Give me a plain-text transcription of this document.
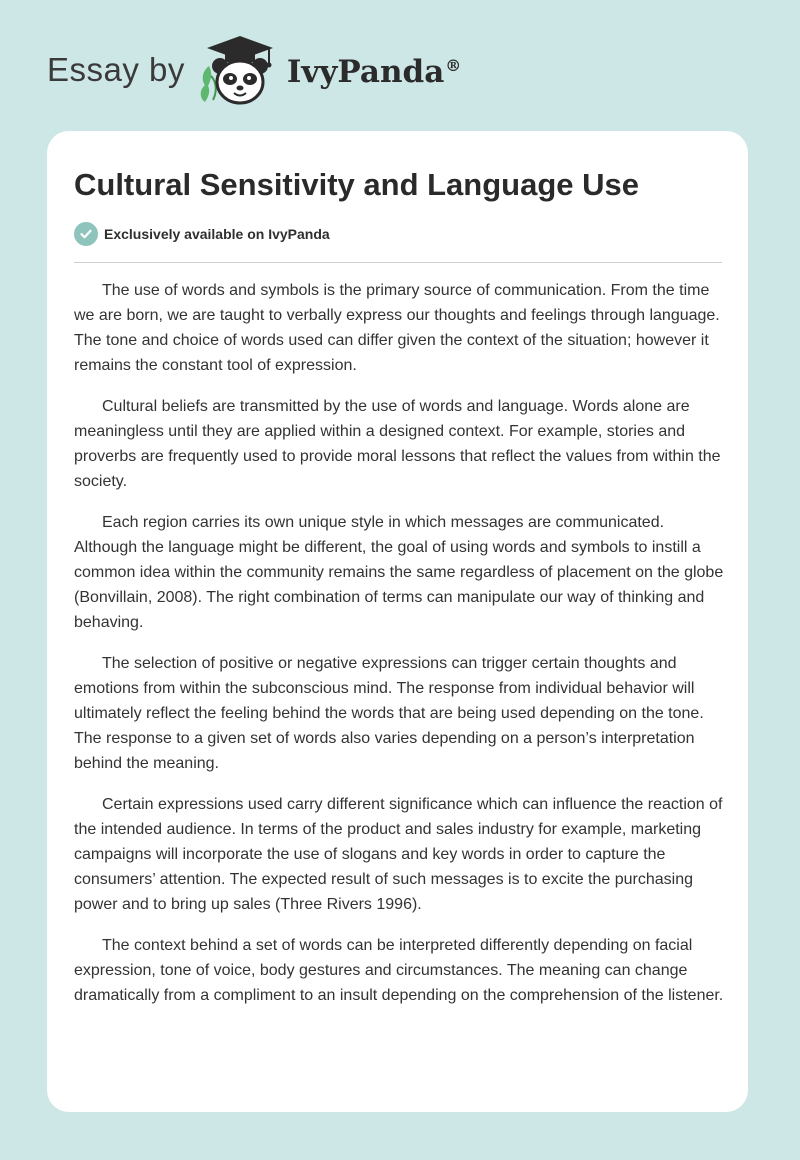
Essay by	IvyPanda®
Cultural Sensitivity and Language Use
Exclusively available on IvyPanda

The use of words and symbols is the primary source of communication. From the time we are born, we are taught to verbally express our thoughts and feelings through language. The tone and choice of words used can differ given the context of the situation; however it remains the constant tool of expression.

Cultural beliefs are transmitted by the use of words and language. Words alone are meaningless until they are applied within a designed context. For example, stories and proverbs are frequently used to provide moral lessons that reflect the values from within the society.

Each region carries its own unique style in which messages are communicated. Although the language might be different, the goal of using words and symbols to instill a common idea within the community remains the same regardless of placement on the globe (Bonvillain, 2008). The right combination of terms can manipulate our way of thinking and behaving.

The selection of positive or negative expressions can trigger certain thoughts and emotions from within the subconscious mind. The response from individual behavior will ultimately reflect the feeling behind the words that are being used depending on the tone. The response to a given set of words also varies depending on a person’s interpretation behind the meaning.

Certain expressions used carry different significance which can influence the reaction of the intended audience. In terms of the product and sales industry for example, marketing campaigns will incorporate the use of slogans and key words in order to capture the consumers’ attention. The expected result of such messages is to excite the purchasing power and to bring up sales (Three Rivers 1996).

The context behind a set of words can be interpreted differently depending on facial expression, tone of voice, body gestures and circumstances. The meaning can change dramatically from a compliment to an insult depending on the comprehension of the listener.
